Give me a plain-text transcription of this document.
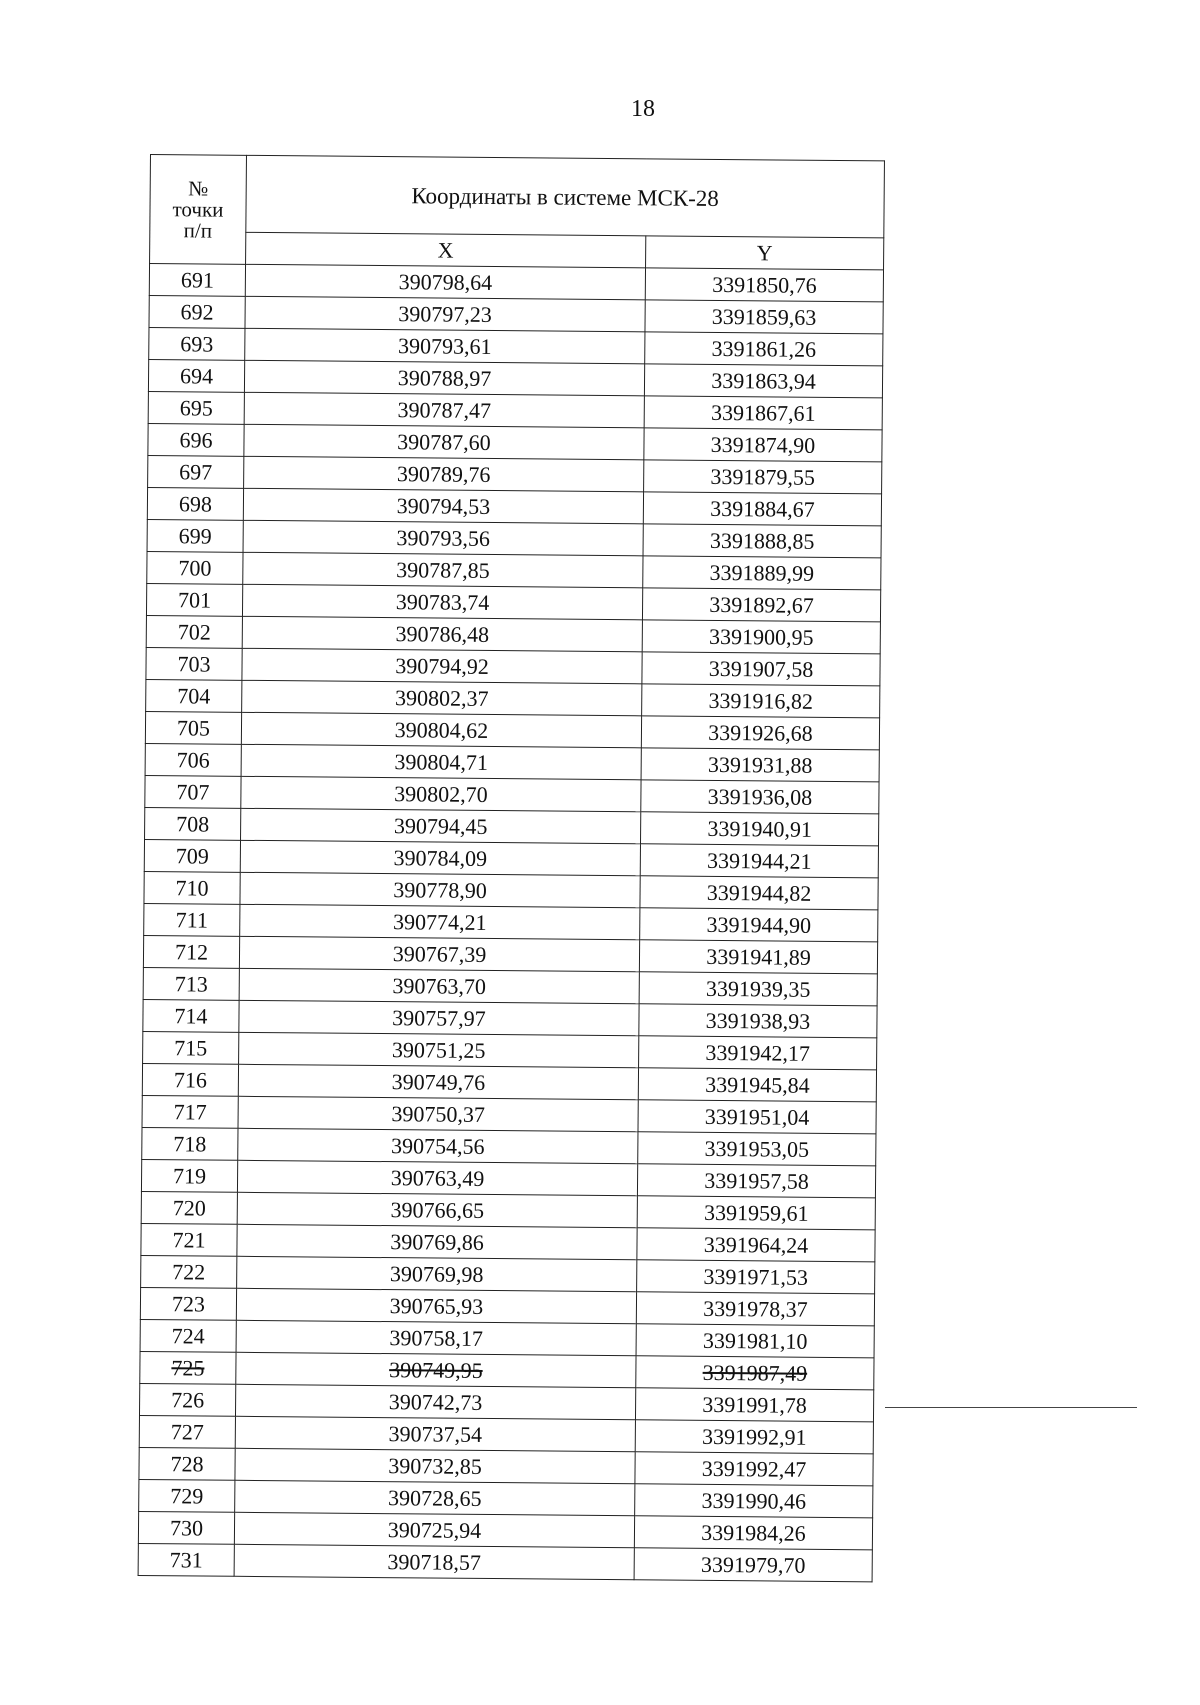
18
№
точки
п/п	Координаты в системе МСК-28	
	X	Y
691	390798,64	3391850,76
692	390797,23	3391859,63
693	390793,61	3391861,26
694	390788,97	3391863,94
695	390787,47	3391867,61
696	390787,60	3391874,90
697	390789,76	3391879,55
698	390794,53	3391884,67
699	390793,56	3391888,85
700	390787,85	3391889,99
701	390783,74	3391892,67
702	390786,48	3391900,95
703	390794,92	3391907,58
704	390802,37	3391916,82
705	390804,62	3391926,68
706	390804,71	3391931,88
707	390802,70	3391936,08
708	390794,45	3391940,91
709	390784,09	3391944,21
710	390778,90	3391944,82
711	390774,21	3391944,90
712	390767,39	3391941,89
713	390763,70	3391939,35
714	390757,97	3391938,93
715	390751,25	3391942,17
716	390749,76	3391945,84
717	390750,37	3391951,04
718	390754,56	3391953,05
719	390763,49	3391957,58
720	390766,65	3391959,61
721	390769,86	3391964,24
722	390769,98	3391971,53
723	390765,93	3391978,37
724	390758,17	3391981,10
725	390749,95	3391987,49
726	390742,73	3391991,78
727	390737,54	3391992,91
728	390732,85	3391992,47
729	390728,65	3391990,46
730	390725,94	3391984,26
731	390718,57	3391979,70
